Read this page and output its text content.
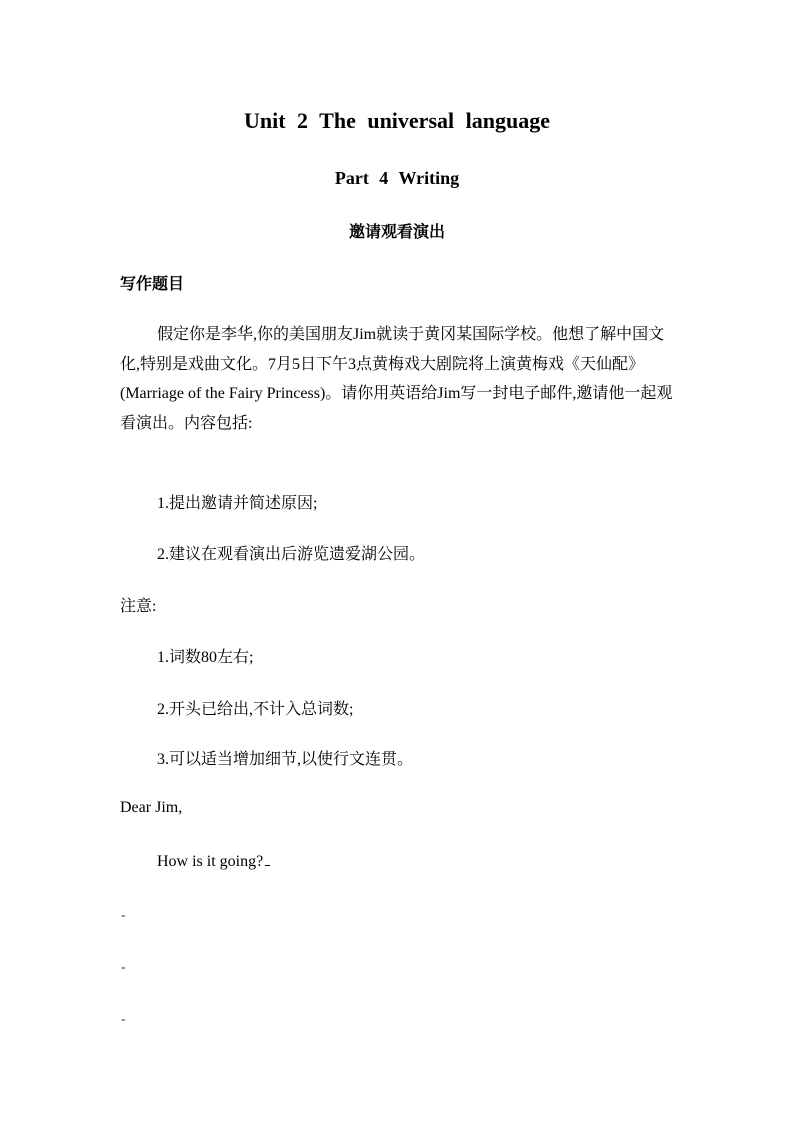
Unit 2 The universal language
Part 4 Writing
邀请观看演出
写作题目
假定你是李华,你的美国朋友Jim就读于黄冈某国际学校。他想了解中国文化,特别是戏曲文化。7月5日下午3点黄梅戏大剧院将上演黄梅戏《天仙配》(Marriage of the Fairy Princess)。请你用英语给Jim写一封电子邮件,邀请他一起观看演出。内容包括:
1.提出邀请并简述原因;
2.建议在观看演出后游览遗爱湖公园。
注意:
1.词数80左右;
2.开头已给出,不计入总词数;
3.可以适当增加细节,以使行文连贯。
Dear Jim,
How is it going?
-
-
-
